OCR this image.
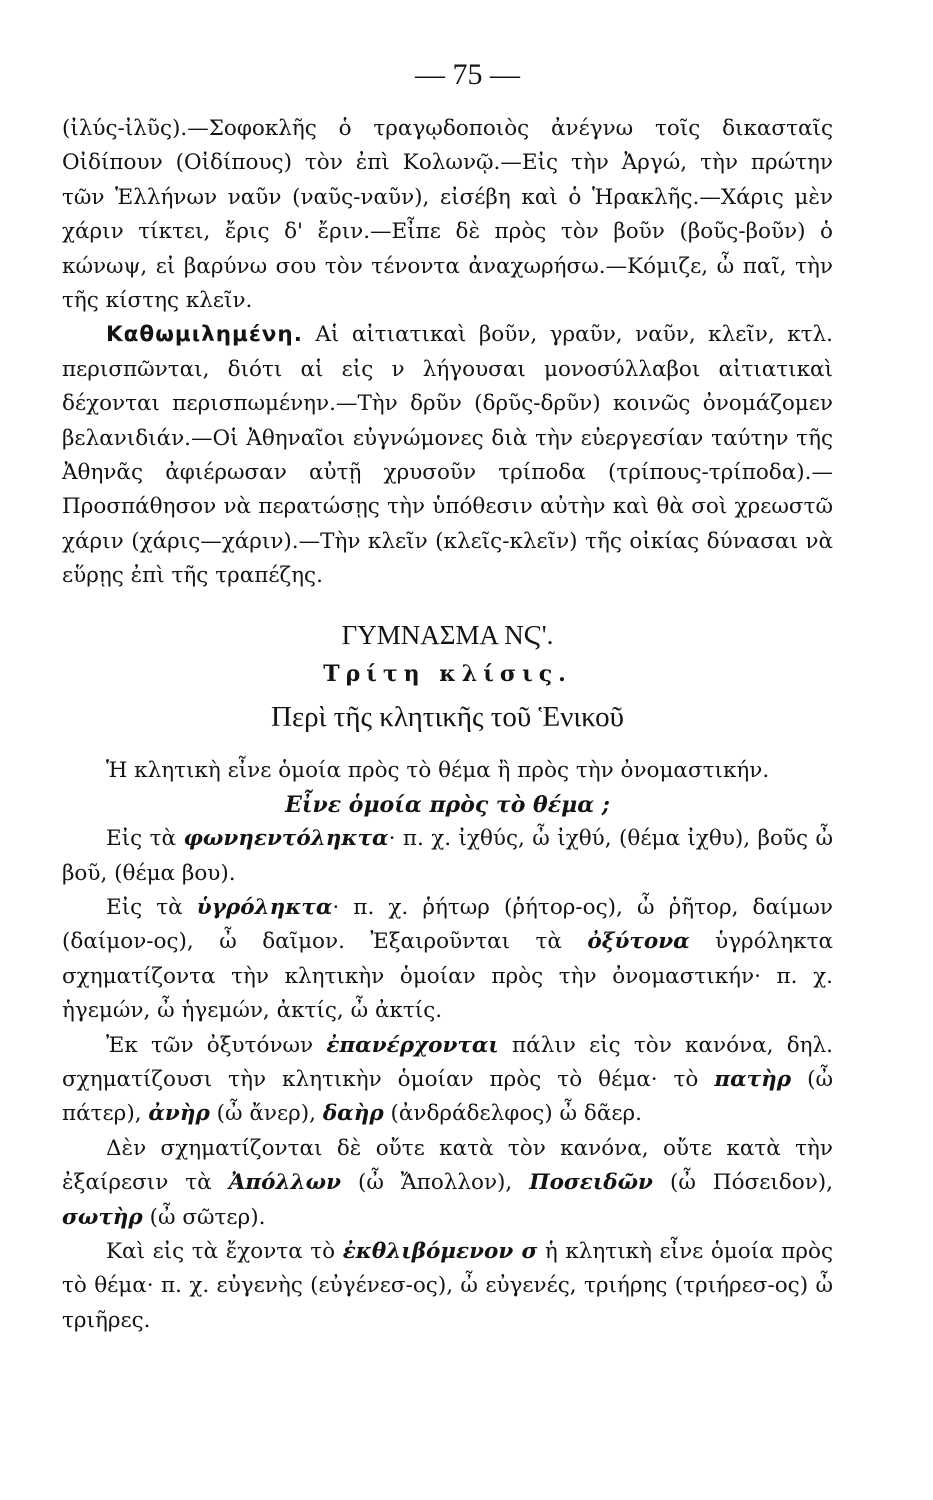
— 75 —

(ἰλύς-ἰλῦς).—Σοφοκλῆς ὁ τραγῳδοποιὸς ἀνέγνω τοῖς δικασταῖς Οἰδίπουν (Οἰδίπους) τὸν ἐπὶ Κολωνῷ.—Εἰς τὴν Ἀργώ, τὴν πρώτην τῶν Ἑλλήνων ναῦν (ναῦς-ναῦν), εἰσέβη καὶ ὁ Ἡρακλῆς.—Χάρις μὲν χάριν τίκτει, ἔρις δ' ἔριν.—Εἶπε δὲ πρὸς τὸν βοῦν (βοῦς-βοῦν) ὁ κώνωψ, εἰ βαρύνω σου τὸν τένοντα ἀναχωρήσω.—Κόμιζε, ὦ παῖ, τὴν τῆς κίστης κλεῖν.

Καθωμιλημένη. Αἱ αἰτιατικαὶ βοῦν, γραῦν, ναῦν, κλεῖν, κτλ. περισπῶνται, διότι αἱ εἰς ν λήγουσαι μονοσύλλαβοι αἰτιατικαὶ δέχονται περισπωμένην.—Τὴν δρῦν (δρῦς-δρῦν) κοινῶς ὀνομάζομεν βελανιδιάν.—Οἱ Ἀθηναῖοι εὐγνώμονες διὰ τὴν εὐεργεσίαν ταύτην τῆς Ἀθηνᾶς ἀφιέρωσαν αὐτῇ χρυσοῦν τρίποδα (τρίπους-τρίποδα).—Προσπάθησον νὰ περατώσῃς τὴν ὑπόθεσιν αὐτὴν καὶ θὰ σοὶ χρεωστῶ χάριν (χάρις—χάριν).—Τὴν κλεῖν (κλεῖς-κλεῖν) τῆς οἰκίας δύνασαι νὰ εὕρῃς ἐπὶ τῆς τραπέζης.

ΓΥΜΝΑΣΜΑ ΝϚ'.
Τρίτη κλίσις.
Περὶ τῆς κλητικῆς τοῦ Ἑνικοῦ

Ἡ κλητικὴ εἶνε ὁμοία πρὸς τὸ θέμα ἢ πρὸς τὴν ὀνομαστικήν.

Εἶνε ὁμοία πρὸς τὸ θέμα ;

Εἰς τὰ φωνηεντόληκτα· π. χ. ἰχθύς, ὦ ἰχθύ, (θέμα ἰχθυ), βοῦς ὦ βοῦ, (θέμα βου).

Εἰς τὰ ὑγρόληκτα· π. χ. ῥήτωρ (ῥήτορ-ος), ὦ ῥῆτορ, δαίμων (δαίμον-ος), ὦ δαῖμον. Ἐξαιροῦνται τὰ ὀξύτονα ὑγρόληκτα σχηματίζοντα τὴν κλητικὴν ὁμοίαν πρὸς τὴν ὀνομαστικήν· π. χ. ἡγεμών, ὦ ἡγεμών, ἀκτίς, ὦ ἀκτίς.

Ἐκ τῶν ὀξυτόνων ἐπανέρχονται πάλιν εἰς τὸν κανόνα, δηλ. σχηματίζουσι τὴν κλητικὴν ὁμοίαν πρὸς τὸ θέμα· τὸ πατὴρ (ὦ πάτερ), ἀνὴρ (ὦ ἄνερ), δαὴρ (ἀνδράδελφος) ὦ δᾶερ.

Δὲν σχηματίζονται δὲ οὔτε κατὰ τὸν κανόνα, οὔτε κατὰ τὴν ἐξαίρεσιν τὰ Ἀπόλλων (ὦ Ἄπολλον), Ποσειδῶν (ὦ Πόσειδον), σωτὴρ (ὦ σῶτερ).

Καὶ εἰς τὰ ἔχοντα τὸ ἐκθλιβόμενον σ ἡ κλητικὴ εἶνε ὁμοία πρὸς τὸ θέμα· π. χ. εὐγενὴς (εὐγένεσ-ος), ὦ εὐγενές, τριήρης (τριήρεσ-ος) ὦ τριῆρες.
